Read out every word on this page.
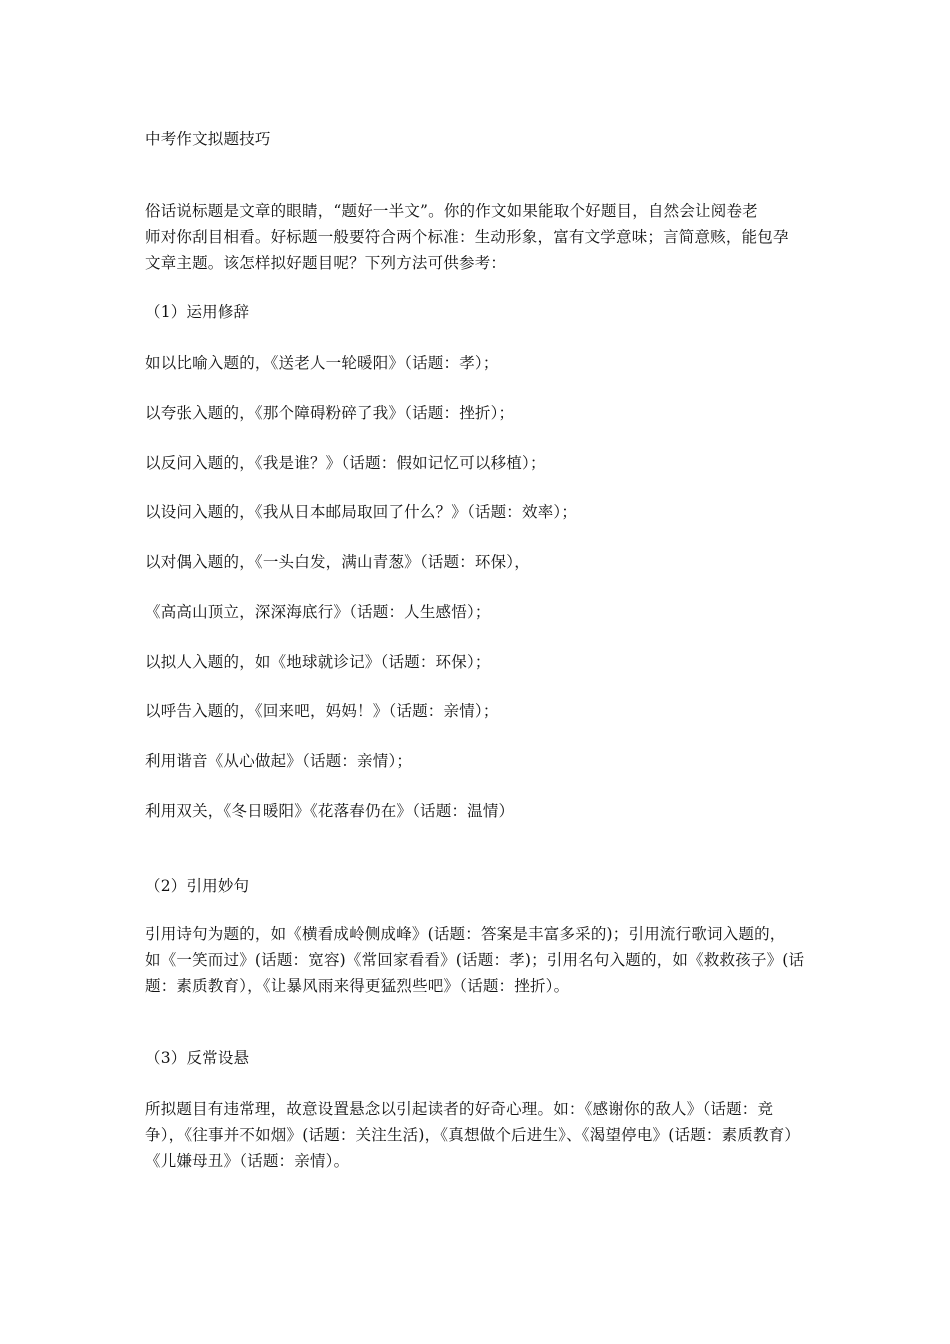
中考作文拟题技巧
俗话说标题是文章的眼睛，“题好一半文”。你的作文如果能取个好题目，自然会让阅卷老
师对你刮目相看。好标题一般要符合两个标准：生动形象，富有文学意味；言简意赅，能包孕
文章主题。该怎样拟好题目呢？下列方法可供参考：
（1）运用修辞
如以比喻入题的，《送老人一轮暖阳》（话题：孝）；
以夸张入题的，《那个障碍粉碎了我》（话题：挫折）；
以反问入题的，《我是谁？》（话题：假如记忆可以移植）；
以设问入题的，《我从日本邮局取回了什么？》（话题：效率）；
以对偶入题的，《一头白发，满山青葱》（话题：环保），
《高高山顶立，深深海底行》（话题：人生感悟）；
以拟人入题的，如《地球就诊记》（话题：环保）；
以呼告入题的，《回来吧，妈妈！》（话题：亲情）；
利用谐音《从心做起》（话题：亲情）；
利用双关，《冬日暖阳》《花落春仍在》（话题：温情）
（2）引用妙句
引用诗句为题的，如《横看成岭侧成峰》(话题：答案是丰富多采的)；引用流行歌词入题的，
如《一笑而过》(话题：宽容)《常回家看看》(话题：孝)；引用名句入题的，如《救救孩子》(话
题：素质教育），《让暴风雨来得更猛烈些吧》（话题：挫折）。
（3）反常设悬
所拟题目有违常理，故意设置悬念以引起读者的好奇心理。如：《感谢你的敌人》（话题：竞
争），《往事并不如烟》(话题：关注生活)，《真想做个后进生》、《渴望停电》(话题：素质教育）
《儿嫌母丑》（话题：亲情）。
